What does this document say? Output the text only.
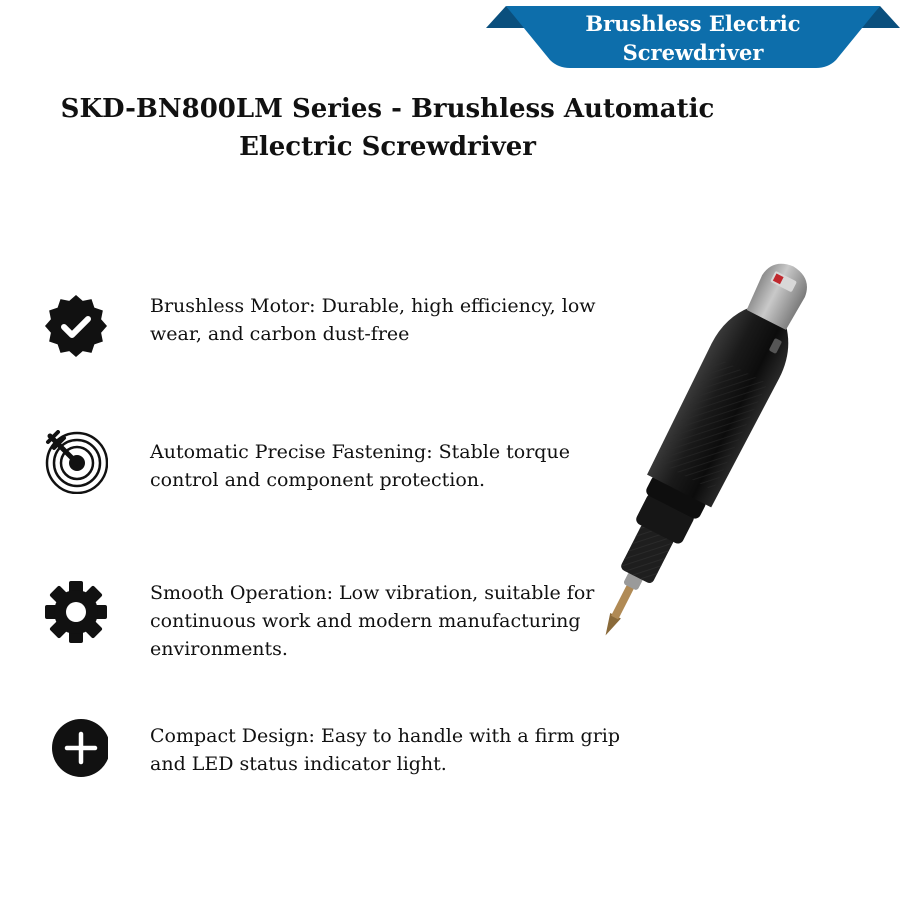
Brushless Electric
Screwdriver
SKD-BN800LM Series - Brushless Automatic Electric Screwdriver
Brushless Motor: Durable, high efficiency, low wear, and carbon dust-free
Automatic Precise Fastening: Stable torque control and component protection.
Smooth Operation: Low vibration, suitable for continuous work and modern manufacturing environments.
Compact Design: Easy to handle with a firm grip and LED status indicator light.
